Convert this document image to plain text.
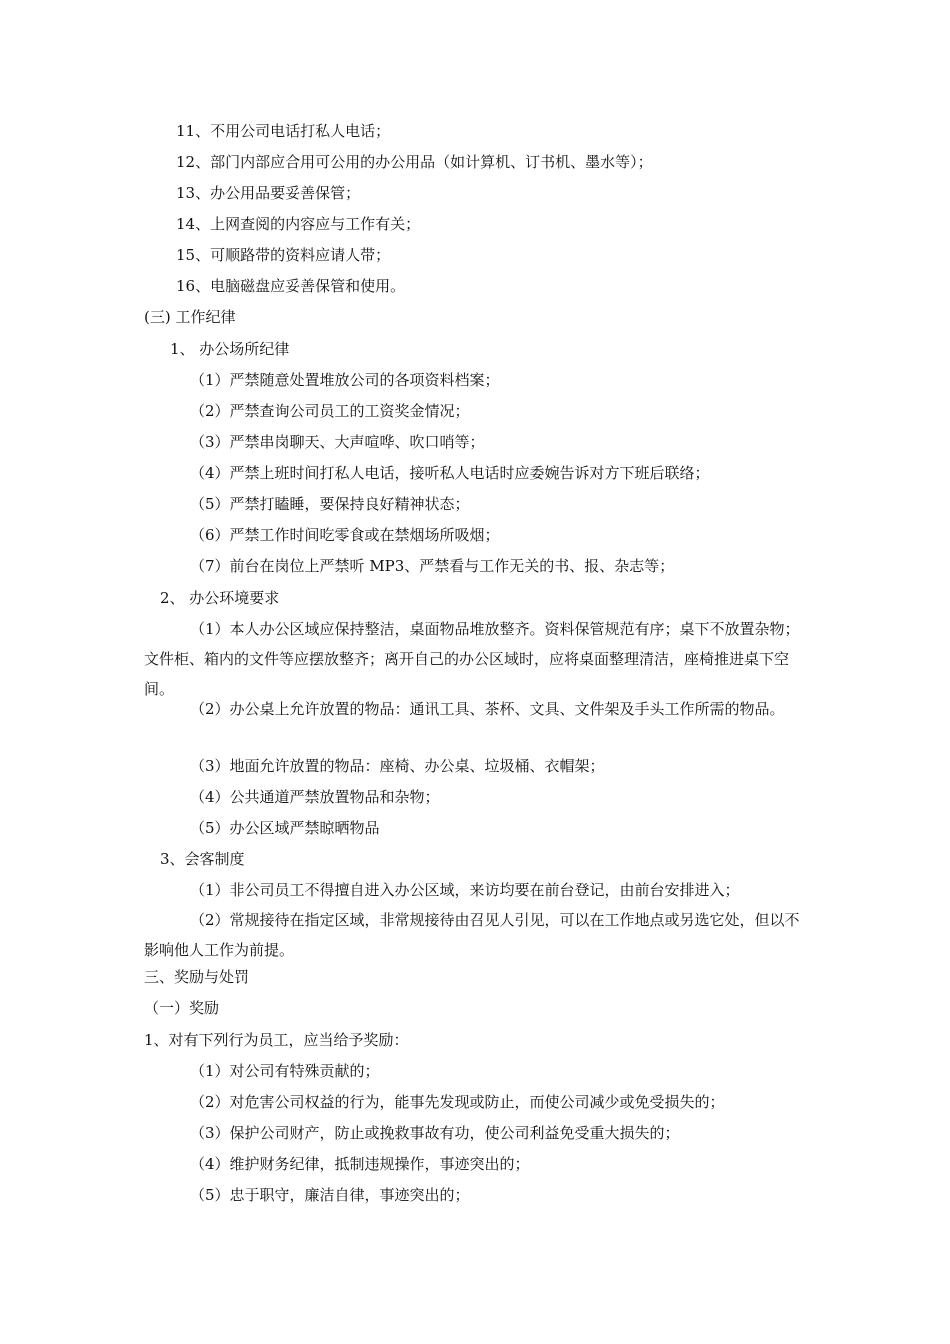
11、不用公司电话打私人电话；
12、部门内部应合用可公用的办公用品（如计算机、订书机、墨水等）；
13、办公用品要妥善保管；
14、上网查阅的内容应与工作有关；
15、可顺路带的资料应请人带；
16、电脑磁盘应妥善保管和使用。
(三) 工作纪律
1、 办公场所纪律
（1）严禁随意处置堆放公司的各项资料档案；
（2）严禁查询公司员工的工资奖金情况；
（3）严禁串岗聊天、大声喧哗、吹口哨等；
（4）严禁上班时间打私人电话，接听私人电话时应委婉告诉对方下班后联络；
（5）严禁打瞌睡，要保持良好精神状态；
（6）严禁工作时间吃零食或在禁烟场所吸烟；
（7）前台在岗位上严禁听 MP3、严禁看与工作无关的书、报、杂志等；
2、 办公环境要求
（1）本人办公区域应保持整洁，桌面物品堆放整齐。资料保管规范有序；桌下不放置杂物；文件柜、箱内的文件等应摆放整齐；离开自己的办公区域时，应将桌面整理清洁，座椅推进桌下空间。
（2）办公桌上允许放置的物品：通讯工具、茶杯、文具、文件架及手头工作所需的物品。
（3）地面允许放置的物品：座椅、办公桌、垃圾桶、衣帽架；
（4）公共通道严禁放置物品和杂物；
（5）办公区域严禁晾晒物品
3、会客制度
（1）非公司员工不得擅自进入办公区域，来访均要在前台登记，由前台安排进入；
（2）常规接待在指定区域，非常规接待由召见人引见，可以在工作地点或另选它处，但以不影响他人工作为前提。
三、奖励与处罚
（一）奖励
1、对有下列行为员工，应当给予奖励：
（1）对公司有特殊贡献的；
（2）对危害公司权益的行为，能事先发现或防止，而使公司减少或免受损失的；
（3）保护公司财产，防止或挽救事故有功，使公司利益免受重大损失的；
（4）维护财务纪律，抵制违规操作，事迹突出的；
（5）忠于职守，廉洁自律，事迹突出的；
